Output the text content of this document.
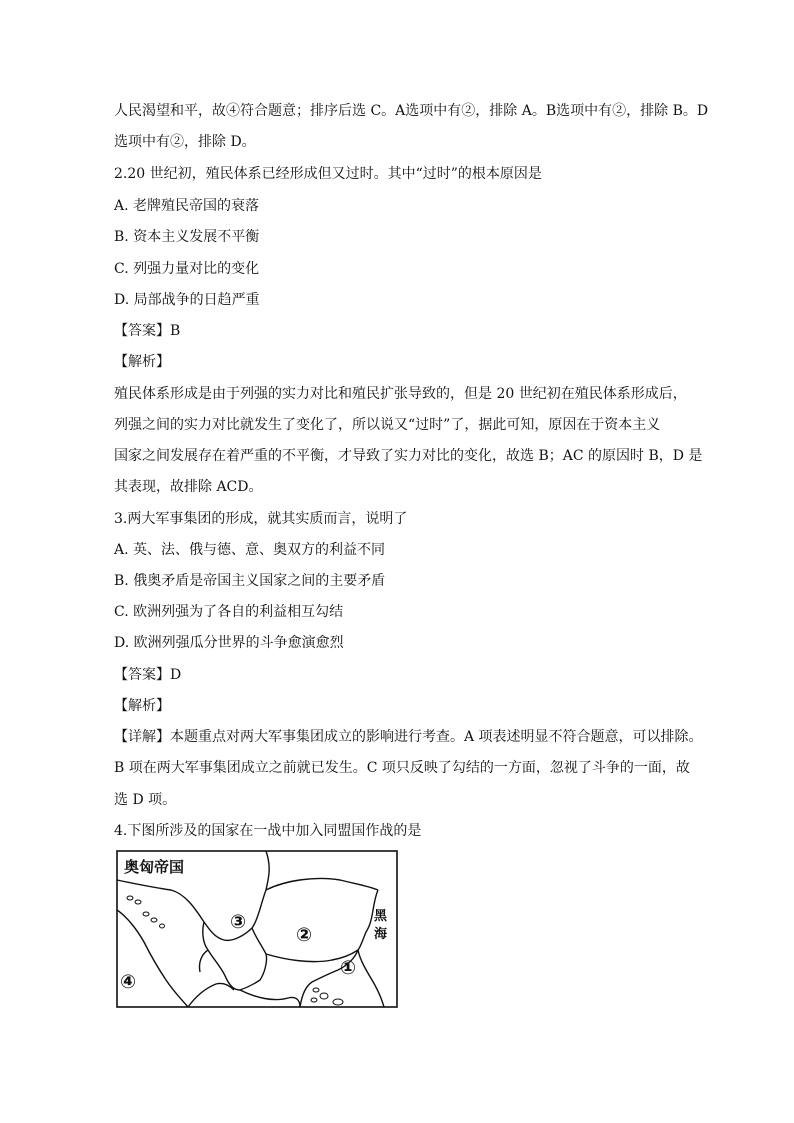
人民渴望和平，故④符合题意；排序后选 C。A选项中有②，排除 A。B选项中有②，排除 B。D
选项中有②，排除 D。
2.20 世纪初，殖民体系已经形成但又过时。其中“过时”的根本原因是
A. 老牌殖民帝国的衰落
B. 资本主义发展不平衡
C. 列强力量对比的变化
D. 局部战争的日趋严重
【答案】B
【解析】
殖民体系形成是由于列强的实力对比和殖民扩张导致的，但是 20 世纪初在殖民体系形成后，
列强之间的实力对比就发生了变化了，所以说又“过时”了，据此可知，原因在于资本主义
国家之间发展存在着严重的不平衡，才导致了实力对比的变化，故选 B；AC 的原因时 B，D 是
其表现，故排除 ACD。
3.两大军事集团的形成，就其实质而言，说明了
A. 英、法、俄与德、意、奥双方的利益不同
B. 俄奥矛盾是帝国主义国家之间的主要矛盾
C. 欧洲列强为了各自的利益相互勾结
D. 欧洲列强瓜分世界的斗争愈演愈烈
【答案】D
【解析】
【详解】本题重点对两大军事集团成立的影响进行考查。A 项表述明显不符合题意，可以排除。
B 项在两大军事集团成立之前就已发生。C 项只反映了勾结的一方面，忽视了斗争的一面，故
选 D 项。
4.下图所涉及的国家在一战中加入同盟国作战的是
奥匈帝国
黑
海
①
②
③
④
